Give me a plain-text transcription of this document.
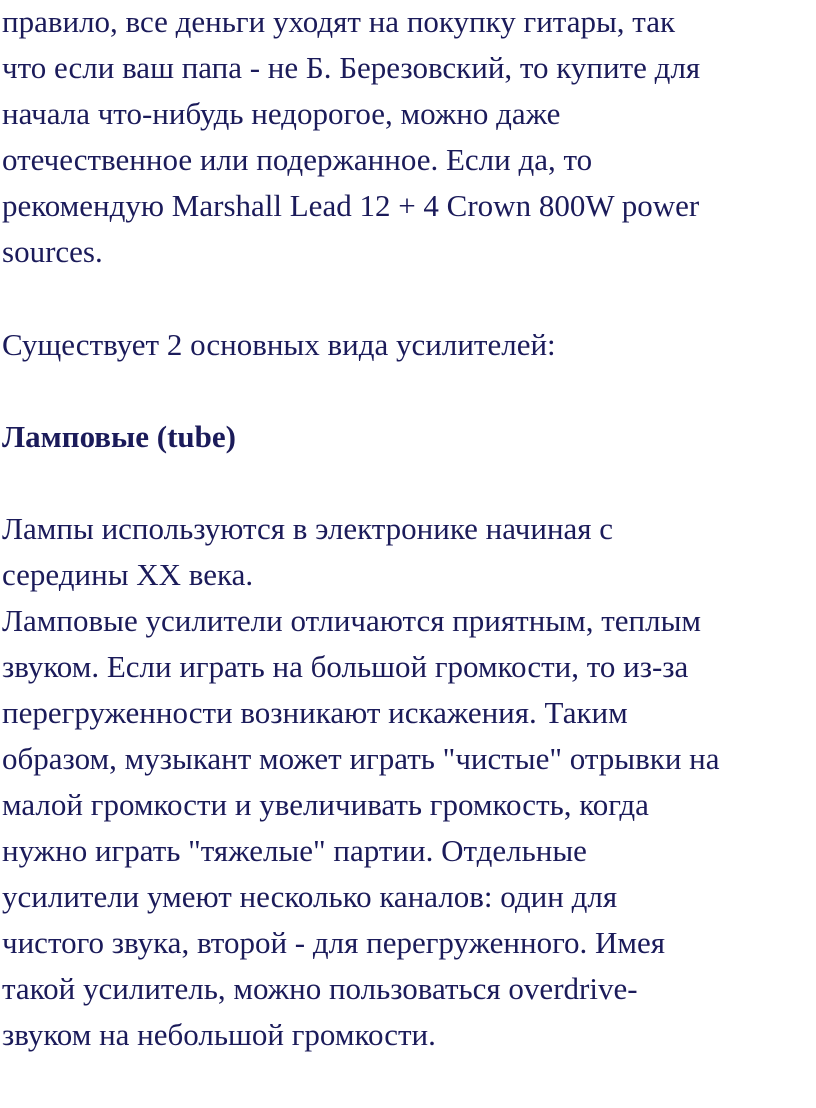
правило, все деньги уходят на покупку гитары, так
что если ваш папа - не Б. Березовский, то купите для
начала что-нибудь недорогое, можно даже
отечественное или подержанное. Если да, то
рекомендую Marshall Lead 12 + 4 Crown 800W power
sources.
Существует 2 основных вида усилителей:
Ламповые (tube)
Лампы используются в электронике начиная с
середины XX века.
Ламповые усилители отличаются приятным, теплым
звуком. Если играть на большой громкости, то из-за
перегруженности возникают искажения. Таким
образом, музыкант может играть "чистые" отрывки на
малой громкости и увеличивать громкость, когда
нужно играть "тяжелые" партии. Отдельные
усилители умеют несколько каналов: один для
чистого звука, второй - для перегруженного. Имея
такой усилитель, можно пользоваться overdrive-
звуком на небольшой громкости.
